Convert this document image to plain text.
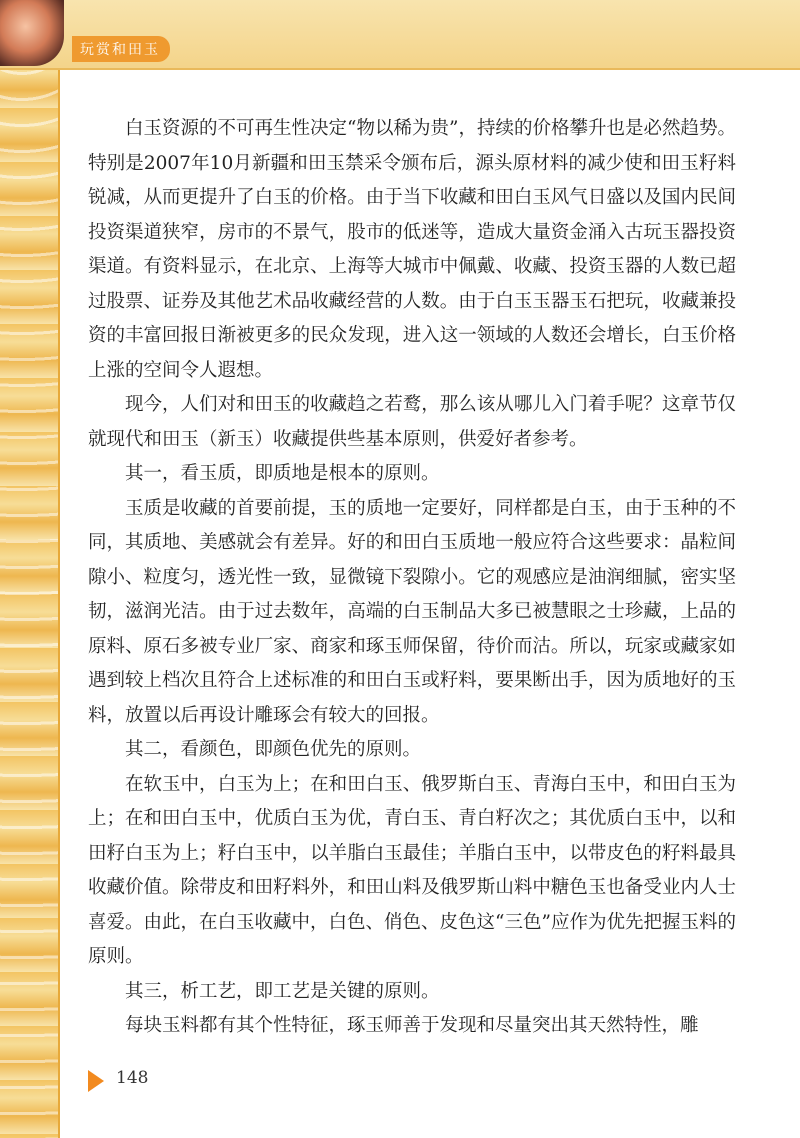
玩赏和田玉

白玉资源的不可再生性决定“物以稀为贵”，持续的价格攀升也是必然趋势。特别是2007年10月新疆和田玉禁采令颁布后，源头原材料的减少使和田玉籽料锐减，从而更提升了白玉的价格。由于当下收藏和田白玉风气日盛以及国内民间投资渠道狭窄，房市的不景气，股市的低迷等，造成大量资金涌入古玩玉器投资渠道。有资料显示，在北京、上海等大城市中佩戴、收藏、投资玉器的人数已超过股票、证券及其他艺术品收藏经营的人数。由于白玉玉器玉石把玩，收藏兼投资的丰富回报日渐被更多的民众发现，进入这一领域的人数还会增长，白玉价格上涨的空间令人遐想。

现今，人们对和田玉的收藏趋之若鹜，那么该从哪儿入门着手呢？这章节仅就现代和田玉（新玉）收藏提供些基本原则，供爱好者参考。

其一，看玉质，即质地是根本的原则。

玉质是收藏的首要前提，玉的质地一定要好，同样都是白玉，由于玉种的不同，其质地、美感就会有差异。好的和田白玉质地一般应符合这些要求：晶粒间隙小、粒度匀，透光性一致，显微镜下裂隙小。它的观感应是油润细腻，密实坚韧，滋润光洁。由于过去数年，高端的白玉制品大多已被慧眼之士珍藏，上品的原料、原石多被专业厂家、商家和琢玉师保留，待价而沽。所以，玩家或藏家如遇到较上档次且符合上述标准的和田白玉或籽料，要果断出手，因为质地好的玉料，放置以后再设计雕琢会有较大的回报。

其二，看颜色，即颜色优先的原则。

在软玉中，白玉为上；在和田白玉、俄罗斯白玉、青海白玉中，和田白玉为上；在和田白玉中，优质白玉为优，青白玉、青白籽次之；其优质白玉中，以和田籽白玉为上；籽白玉中，以羊脂白玉最佳；羊脂白玉中，以带皮色的籽料最具收藏价值。除带皮和田籽料外，和田山料及俄罗斯山料中糖色玉也备受业内人士喜爱。由此，在白玉收藏中，白色、俏色、皮色这“三色”应作为优先把握玉料的原则。

其三，析工艺，即工艺是关键的原则。

每块玉料都有其个性特征，琢玉师善于发现和尽量突出其天然特性，雕

148
